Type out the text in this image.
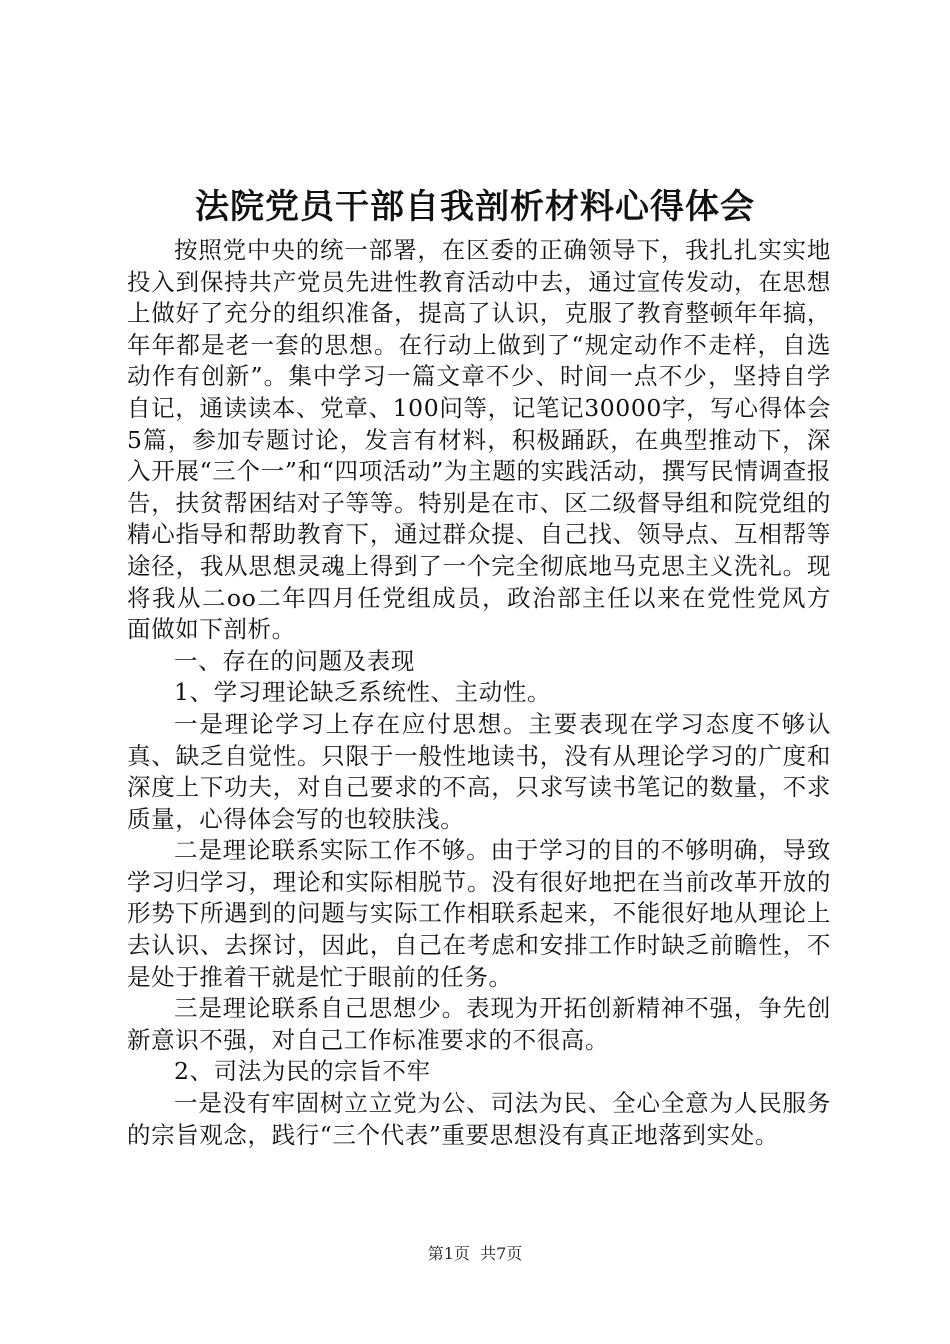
法院党员干部自我剖析材料心得体会

按照党中央的统一部署，在区委的正确领导下，我扎扎实实地投入到保持共产党员先进性教育活动中去，通过宣传发动，在思想上做好了充分的组织准备，提高了认识，克服了教育整顿年年搞，年年都是老一套的思想。在行动上做到了“规定动作不走样，自选动作有创新”。集中学习一篇文章不少、时间一点不少，坚持自学自记，通读读本、党章、100问等，记笔记30000字，写心得体会5篇，参加专题讨论，发言有材料，积极踊跃，在典型推动下，深入开展“三个一”和“四项活动”为主题的实践活动，撰写民情调查报告，扶贫帮困结对子等等。特别是在市、区二级督导组和院党组的精心指导和帮助教育下，通过群众提、自己找、领导点、互相帮等途径，我从思想灵魂上得到了一个完全彻底地马克思主义洗礼。现将我从二oo二年四月任党组成员，政治部主任以来在党性党风方面做如下剖析。

一、存在的问题及表现

1、学习理论缺乏系统性、主动性。

一是理论学习上存在应付思想。主要表现在学习态度不够认真、缺乏自觉性。只限于一般性地读书，没有从理论学习的广度和深度上下功夫，对自己要求的不高，只求写读书笔记的数量，不求质量，心得体会写的也较肤浅。

二是理论联系实际工作不够。由于学习的目的不够明确，导致学习归学习，理论和实际相脱节。没有很好地把在当前改革开放的形势下所遇到的问题与实际工作相联系起来，不能很好地从理论上去认识、去探讨，因此，自己在考虑和安排工作时缺乏前瞻性，不是处于推着干就是忙于眼前的任务。

三是理论联系自己思想少。表现为开拓创新精神不强，争先创新意识不强，对自己工作标准要求的不很高。

2、司法为民的宗旨不牢

一是没有牢固树立立党为公、司法为民、全心全意为人民服务的宗旨观念，践行“三个代表”重要思想没有真正地落到实处。

第1页 共7页
